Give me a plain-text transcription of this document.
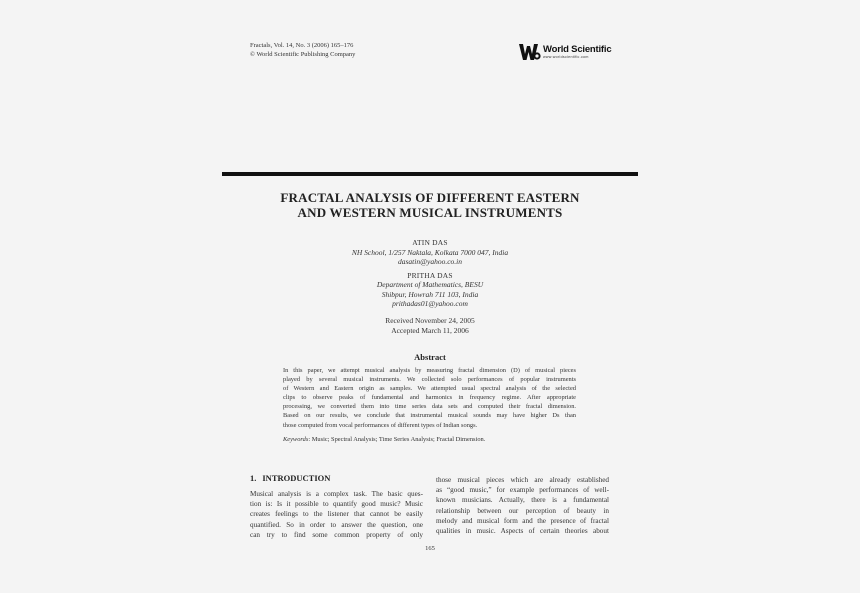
Fractals, Vol. 14, No. 3 (2006) 165–176
© World Scientific Publishing Company	World Scientific
www.worldscientific.com
FRACTAL ANALYSIS OF DIFFERENT EASTERN
AND WESTERN MUSICAL INSTRUMENTS
ATIN DAS
NH School, 1/257 Naktala, Kolkata 7000 047, India
dasatin@yahoo.co.in
PRITHA DAS
Department of Mathematics, BESU
Shibpur, Howrah 711 103, India
prithadas01@yahoo.com
Received November 24, 2005
Accepted March 11, 2006
Abstract
In this paper, we attempt musical analysis by measuring fractal dimension (D) of musical pieces
played by several musical instruments. We collected solo performances of popular instruments
of Western and Eastern origin as samples. We attempted usual spectral analysis of the selected
clips to observe peaks of fundamental and harmonics in frequency regime. After appropriate
processing, we converted them into time series data sets and computed their fractal dimension.
Based on our results, we conclude that instrumental musical sounds may have higher Ds than
those computed from vocal performances of different types of Indian songs.
Keywords: Music; Spectral Analysis; Time Series Analysis; Fractal Dimension.
1. INTRODUCTION
Musical analysis is a complex task. The basic ques-
tion is: Is it possible to quantify good music? Music
creates feelings to the listener that cannot be easily
quantified. So in order to answer the question, one
can try to find some common property of only
those musical pieces which are already established
as “good music,” for example performances of well-
known musicians. Actually, there is a fundamental
relationship between our perception of beauty in
melody and musical form and the presence of fractal
qualities in music. Aspects of certain theories about
165
